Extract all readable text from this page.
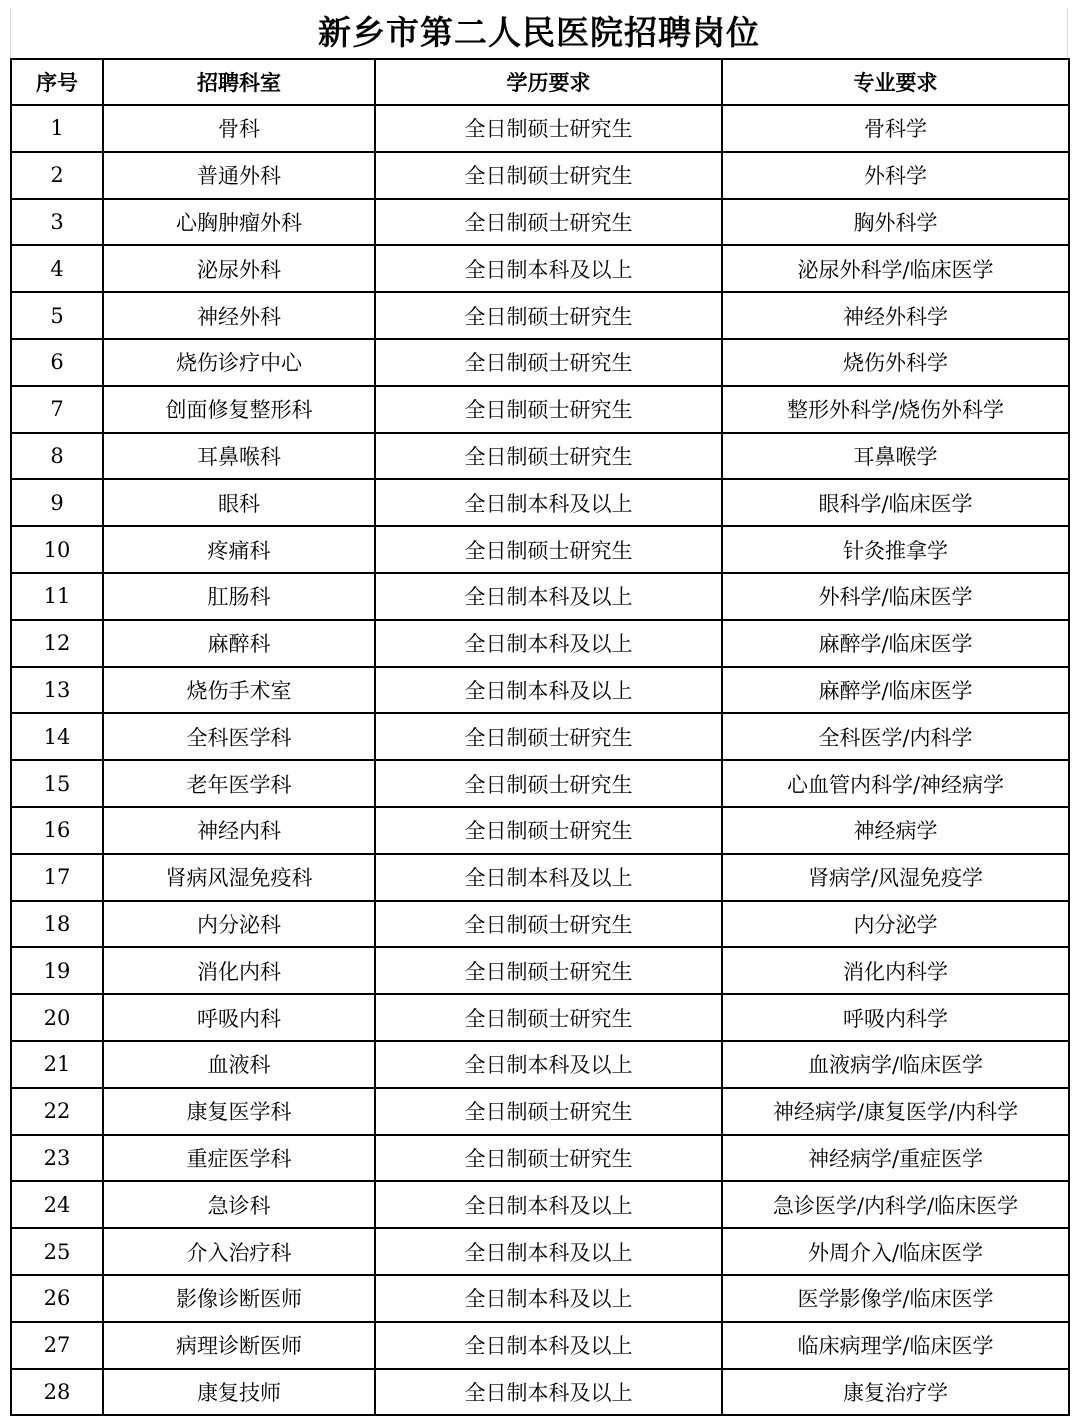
新乡市第二人民医院招聘岗位
序号	招聘科室	学历要求	专业要求
1	骨科	全日制硕士研究生	骨科学
2	普通外科	全日制硕士研究生	外科学
3	心胸肿瘤外科	全日制硕士研究生	胸外科学
4	泌尿外科	全日制本科及以上	泌尿外科学/临床医学
5	神经外科	全日制硕士研究生	神经外科学
6	烧伤诊疗中心	全日制硕士研究生	烧伤外科学
7	创面修复整形科	全日制硕士研究生	整形外科学/烧伤外科学
8	耳鼻喉科	全日制硕士研究生	耳鼻喉学
9	眼科	全日制本科及以上	眼科学/临床医学
10	疼痛科	全日制硕士研究生	针灸推拿学
11	肛肠科	全日制本科及以上	外科学/临床医学
12	麻醉科	全日制本科及以上	麻醉学/临床医学
13	烧伤手术室	全日制本科及以上	麻醉学/临床医学
14	全科医学科	全日制硕士研究生	全科医学/内科学
15	老年医学科	全日制硕士研究生	心血管内科学/神经病学
16	神经内科	全日制硕士研究生	神经病学
17	肾病风湿免疫科	全日制本科及以上	肾病学/风湿免疫学
18	内分泌科	全日制硕士研究生	内分泌学
19	消化内科	全日制硕士研究生	消化内科学
20	呼吸内科	全日制硕士研究生	呼吸内科学
21	血液科	全日制本科及以上	血液病学/临床医学
22	康复医学科	全日制硕士研究生	神经病学/康复医学/内科学
23	重症医学科	全日制硕士研究生	神经病学/重症医学
24	急诊科	全日制本科及以上	急诊医学/内科学/临床医学
25	介入治疗科	全日制本科及以上	外周介入/临床医学
26	影像诊断医师	全日制本科及以上	医学影像学/临床医学
27	病理诊断医师	全日制本科及以上	临床病理学/临床医学
28	康复技师	全日制本科及以上	康复治疗学
